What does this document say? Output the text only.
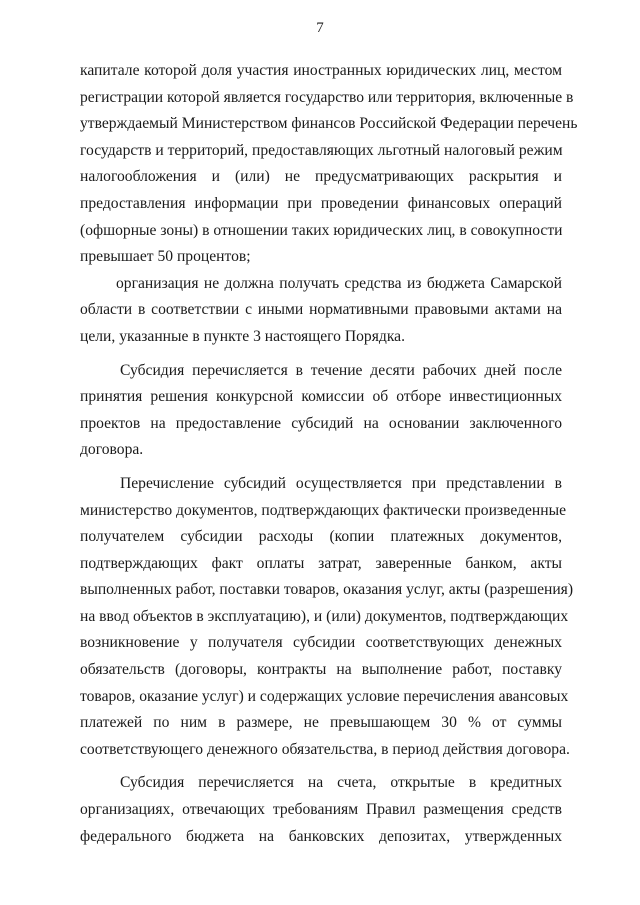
7
капитале которой доля участия иностранных юридических лиц, местом
регистрации которой является государство или территория, включенные в
утверждаемый Министерством финансов Российской Федерации перечень
государств и территорий, предоставляющих льготный налоговый режим
налогообложения и (или) не предусматривающих раскрытия и
предоставления информации при проведении финансовых операций
(офшорные зоны) в отношении таких юридических лиц, в совокупности
превышает 50 процентов;
организация не должна получать средства из бюджета Самарской
области в соответствии с иными нормативными правовыми актами на
цели, указанные в пункте 3 настоящего Порядка.
Субсидия перечисляется в течение десяти рабочих дней после
принятия решения конкурсной комиссии об отборе инвестиционных
проектов на предоставление субсидий на основании заключенного
договора.
Перечисление субсидий осуществляется при представлении в
министерство документов, подтверждающих фактически произведенные
получателем субсидии расходы (копии платежных документов,
подтверждающих факт оплаты затрат, заверенные банком, акты
выполненных работ, поставки товаров, оказания услуг, акты (разрешения)
на ввод объектов в эксплуатацию), и (или) документов, подтверждающих
возникновение у получателя субсидии соответствующих денежных
обязательств (договоры, контракты на выполнение работ, поставку
товаров, оказание услуг) и содержащих условие перечисления авансовых
платежей по ним в размере, не превышающем 30 % от суммы
соответствующего денежного обязательства, в период действия договора.
Субсидия перечисляется на счета, открытые в кредитных
организациях, отвечающих требованиям Правил размещения средств
федерального бюджета на банковских депозитах, утвержденных
